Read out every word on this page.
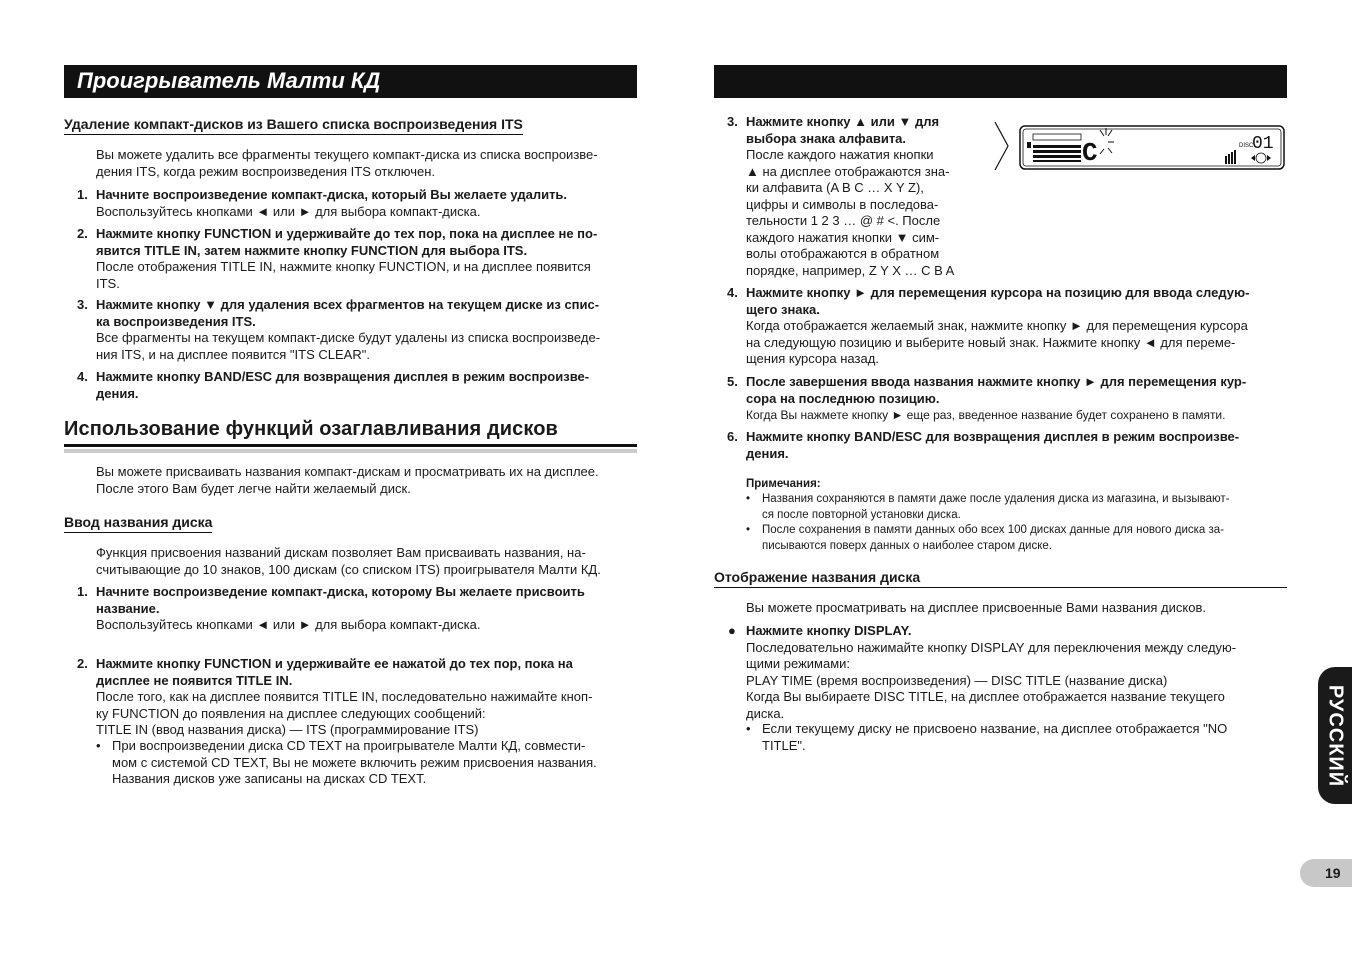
Проигрыватель Малти КД
Удаление компакт-дисков из Вашего списка воспроизведения ITS
Вы можете удалить все фрагменты текущего компакт-диска из списка воспроизве-
дения ITS, когда режим воспроизведения ITS отключен.
1. Начните воспроизведение компакт-диска, который Вы желаете удалить.
Воспользуйтесь кнопками ◄ или ► для выбора компакт-диска.
2. Нажмите кнопку FUNCTION и удерживайте до тех пор, пока на дисплее не по-
явится TITLE IN, затем нажмите кнопку FUNCTION для выбора ITS.
После отображения TITLE IN, нажмите кнопку FUNCTION, и на дисплее появится
ITS.
3. Нажмите кнопку ▼ для удаления всех фрагментов на текущем диске из спис-
ка воспроизведения ITS.
Все фрагменты на текущем компакт-диске будут удалены из списка воспроизведе-
ния ITS, и на дисплее появится "ITS CLEAR".
4. Нажмите кнопку BAND/ESC для возвращения дисплея в режим воспроизве-
дения.
Использование функций озаглавливания дисков
Вы можете присваивать названия компакт-дискам и просматривать их на дисплее.
После этого Вам будет легче найти желаемый диск.
Ввод названия диска
Функция присвоения названий дискам позволяет Вам присваивать названия, на-
считывающие до 10 знаков, 100 дискам (со списком ITS) проигрывателя Малти КД.
1. Начните воспроизведение компакт-диска, которому Вы желаете присвоить
название.
Воспользуйтесь кнопками ◄ или ► для выбора компакт-диска.
2. Нажмите кнопку FUNCTION и удерживайте ее нажатой до тех пор, пока на
дисплее не появится TITLE IN.
После того, как на дисплее появится TITLE IN, последовательно нажимайте кноп-
ку FUNCTION до появления на дисплее следующих сообщений:
TITLE IN (ввод названия диска) — ITS (программирование ITS)
• При воспроизведении диска CD TEXT на проигрывателе Малти КД, совмести-
мом с системой CD TEXT, Вы не можете включить режим присвоения названия.
Названия дисков уже записаны на дисках CD TEXT.
3. Нажмите кнопку ▲ или ▼ для
выбора знака алфавита.
После каждого нажатия кнопки
▲ на дисплее отображаются зна-
ки алфавита (A B C … X Y Z),
цифры и символы в последова-
тельности 1 2 3 … @ # <. После
каждого нажатия кнопки ▼ сим-
волы отображаются в обратном
порядке, например, Z Y X … C B A
C	DISC
01
4. Нажмите кнопку ► для перемещения курсора на позицию для ввода следую-
щего знака.
Когда отображается желаемый знак, нажмите кнопку ► для перемещения курсора
на следующую позицию и выберите новый знак. Нажмите кнопку ◄ для переме-
щения курсора назад.
5. После завершения ввода названия нажмите кнопку ► для перемещения кур-
сора на последнюю позицию.
Когда Вы нажмете кнопку ► еще раз, введенное название будет сохранено в памяти.
6. Нажмите кнопку BAND/ESC для возвращения дисплея в режим воспроизве-
дения.
Примечания:
• Названия сохраняются в памяти даже после удаления диска из магазина, и вызывают-
ся после повторной установки диска.
• После сохранения в памяти данных обо всех 100 дисках данные для нового диска за-
писываются поверх данных о наиболее старом диске.
Отображение названия диска
Вы можете просматривать на дисплее присвоенные Вами названия дисков.
● Нажмите кнопку DISPLAY.
Последовательно нажимайте кнопку DISPLAY для переключения между следую-
щими режимами:
PLAY TIME (время воспроизведения) — DISC TITLE (название диска)
Когда Вы выбираете DISC TITLE, на дисплее отображается название текущего
диска.
• Если текущему диску не присвоено название, на дисплее отображается "NO
TITLE".	РУССКИЙ
19
